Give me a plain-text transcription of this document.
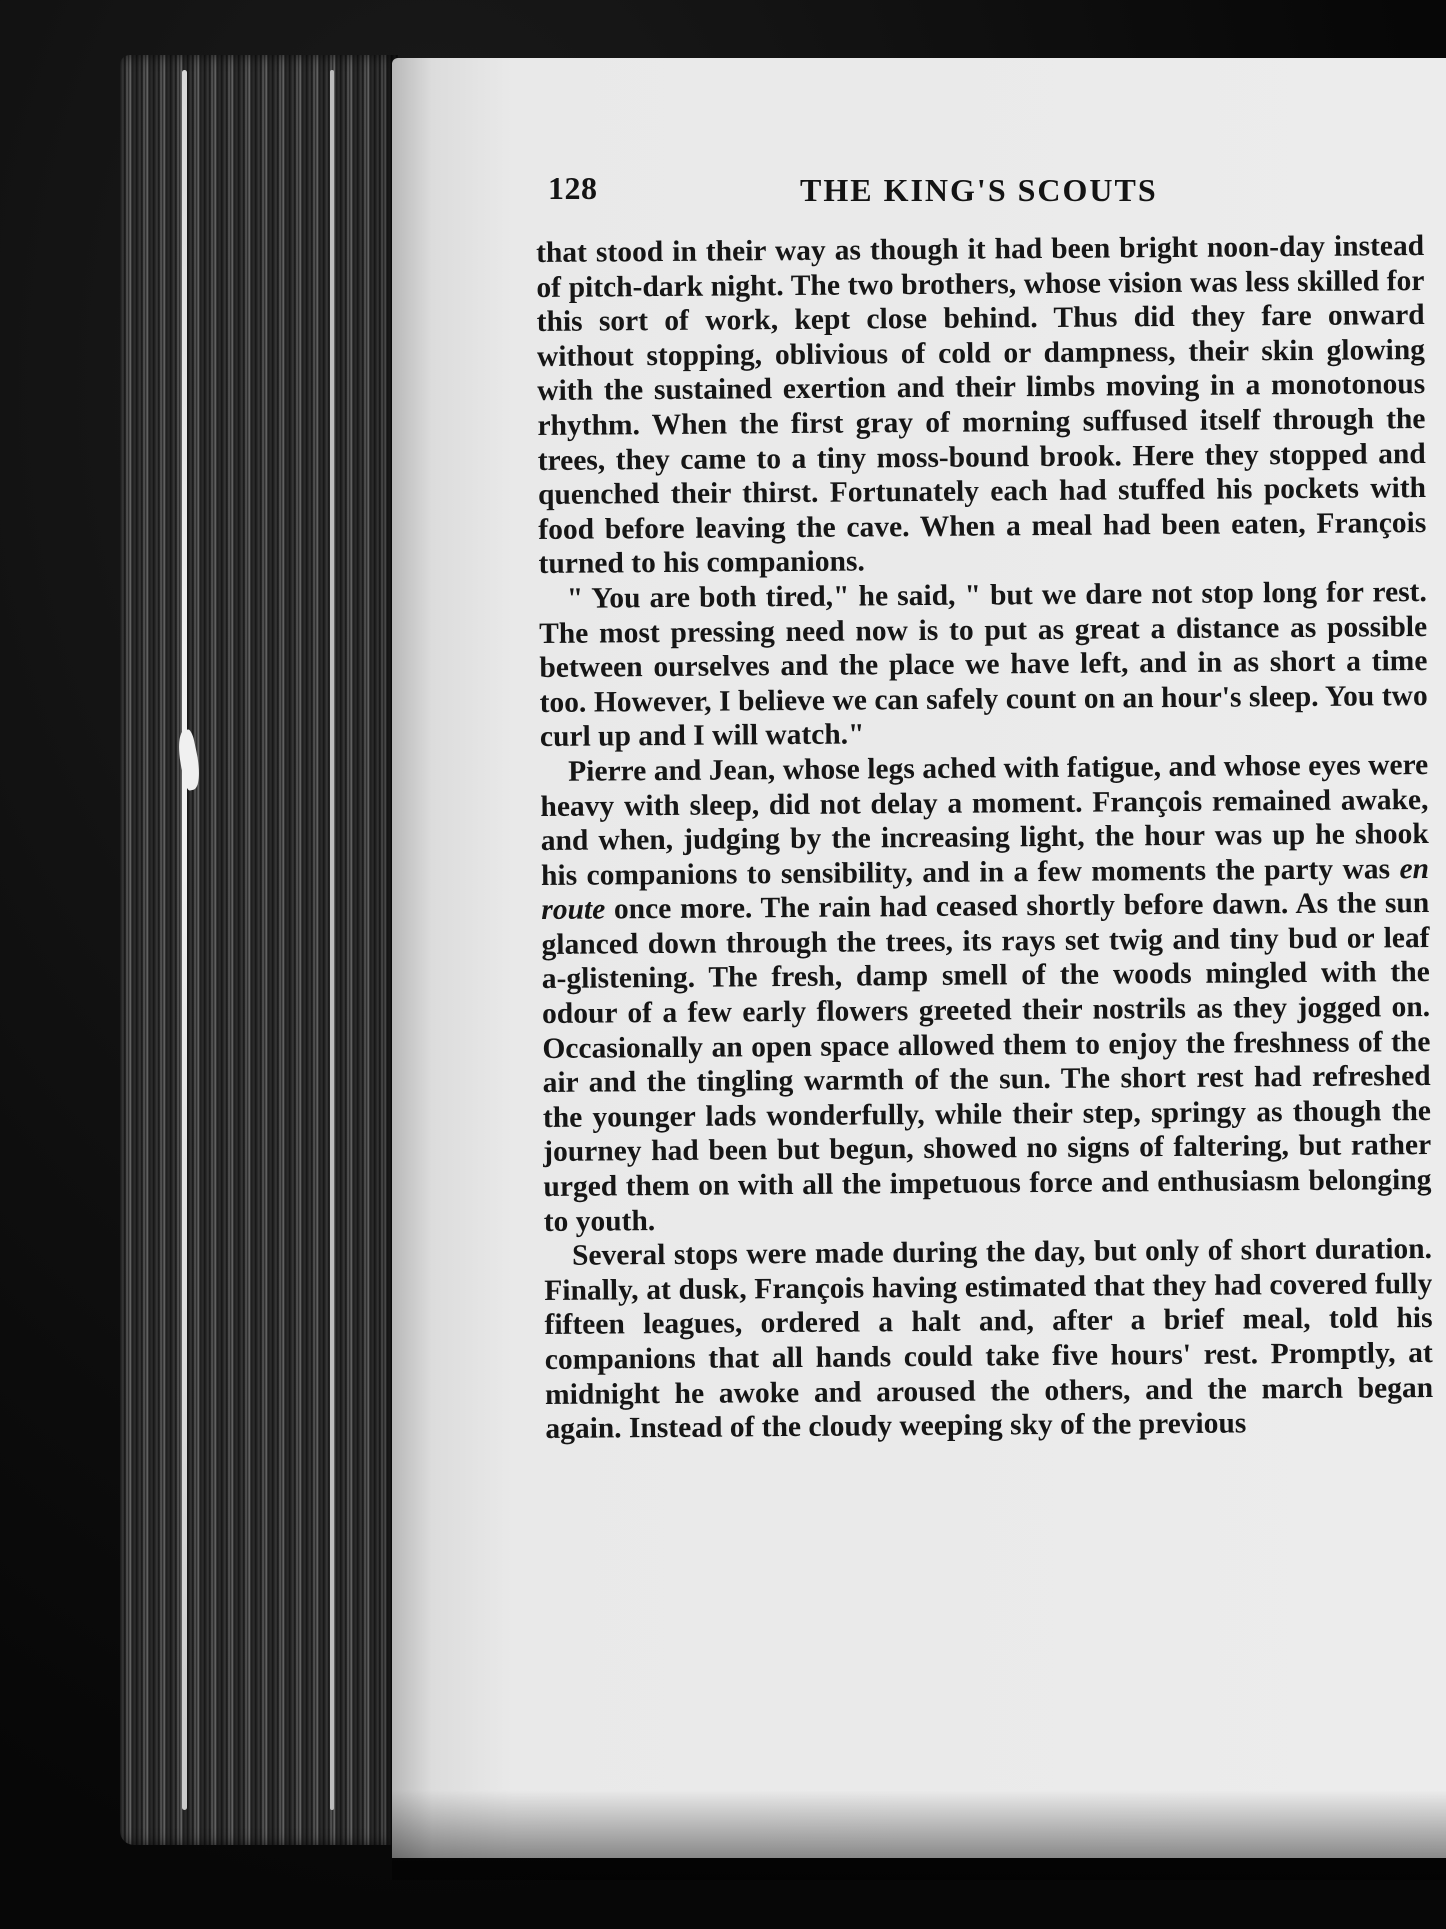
128	THE KING'S SCOUTS

that stood in their way as though it had been bright noon-day instead of pitch-dark night. The two brothers, whose vision was less skilled for this sort of work, kept close behind. Thus did they fare onward without stopping, oblivious of cold or dampness, their skin glowing with the sustained exertion and their limbs moving in a monotonous rhythm. When the first gray of morning suffused itself through the trees, they came to a tiny moss-bound brook. Here they stopped and quenched their thirst. Fortunately each had stuffed his pockets with food before leaving the cave. When a meal had been eaten, François turned to his companions.

" You are both tired," he said, " but we dare not stop long for rest. The most pressing need now is to put as great a distance as possible between ourselves and the place we have left, and in as short a time too. However, I believe we can safely count on an hour's sleep. You two curl up and I will watch."

Pierre and Jean, whose legs ached with fatigue, and whose eyes were heavy with sleep, did not delay a moment. François remained awake, and when, judging by the increasing light, the hour was up he shook his companions to sensibility, and in a few moments the party was en route once more. The rain had ceased shortly before dawn. As the sun glanced down through the trees, its rays set twig and tiny bud or leaf a-glistening. The fresh, damp smell of the woods mingled with the odour of a few early flowers greeted their nostrils as they jogged on. Occasionally an open space allowed them to enjoy the freshness of the air and the tingling warmth of the sun. The short rest had refreshed the younger lads wonderfully, while their step, springy as though the journey had been but begun, showed no signs of faltering, but rather urged them on with all the impetuous force and enthusiasm belonging to youth.

Several stops were made during the day, but only of short duration. Finally, at dusk, François having estimated that they had covered fully fifteen leagues, ordered a halt and, after a brief meal, told his companions that all hands could take five hours' rest. Promptly, at midnight he awoke and aroused the others, and the march began again. Instead of the cloudy weeping sky of the previous
